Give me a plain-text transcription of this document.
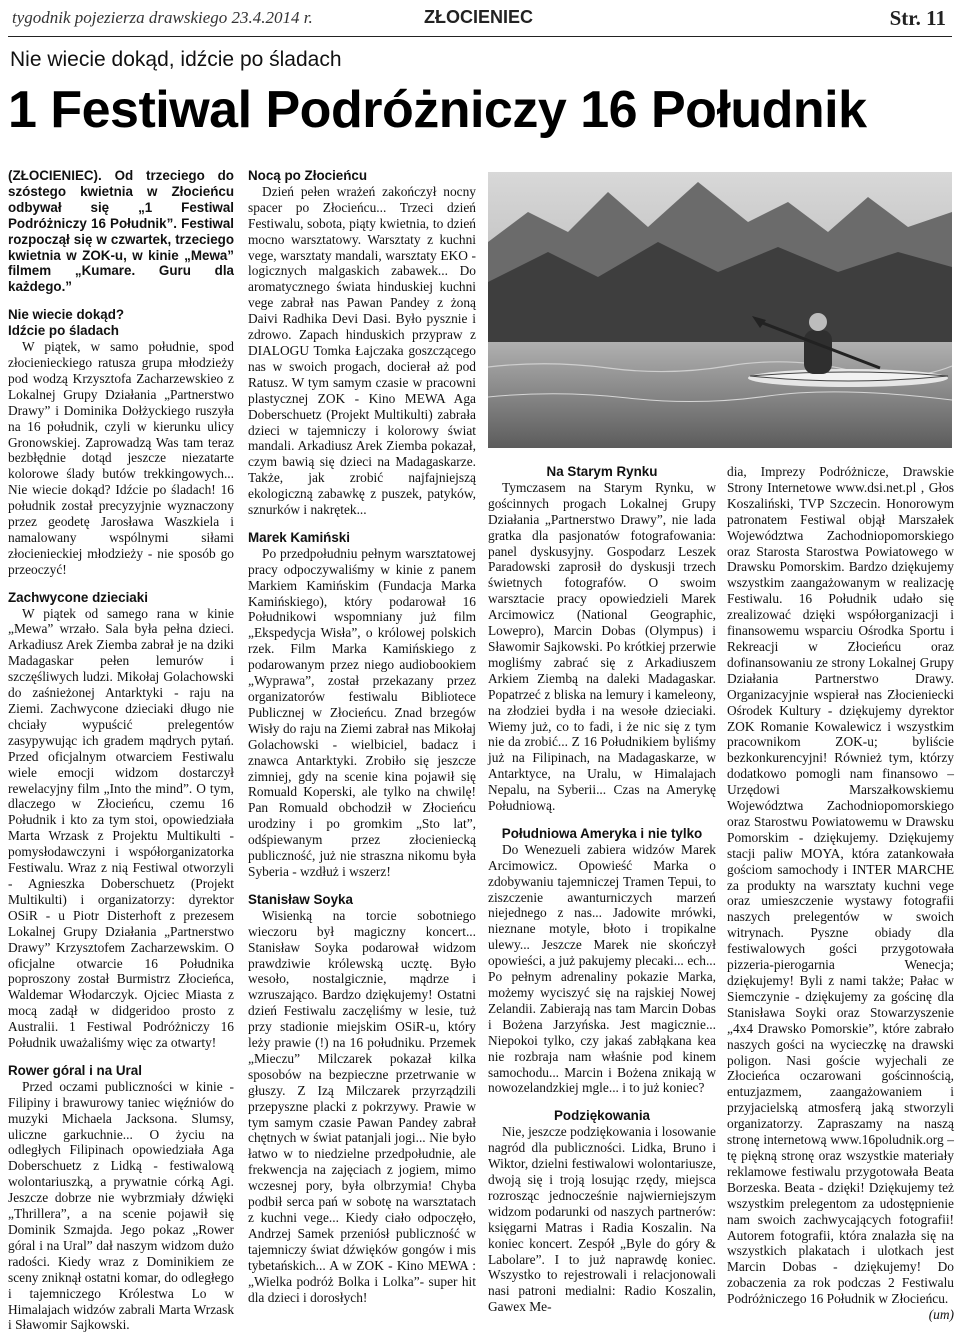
tygodnik pojezierza drawskiego 23.4.2014 r.	ZŁOCIENIEC	Str. 11
Nie wiecie dokąd, idźcie po śladach
1 Festiwal Podróżniczy 16 Południk

(ZŁOCIENIEC). Od trzeciego do szóstego kwietnia w Złocieńcu odbywał się „1 Festiwal Podróżniczy 16 Południk”. Festiwal rozpoczął się w czwartek, trzeciego kwietnia w ZOK-u, w kinie „Mewa” filmem „Kumare. Guru dla każdego.”

Nie wiecie dokąd?
Idźcie po śladach

W piątek, w samo południe, spod złocienieckiego ratusza grupa młodzieży pod wodzą Krzysztofa Zacharzewskieo z Lokalnej Grupy Działania „Partnerstwo Drawy” i Dominika Dołżyckiego ruszyła na 16 południk, czyli w kierunku ulicy Gronowskiej. Zaprowadzą Was tam teraz bezbłędnie dotąd jeszcze niezatarte kolorowe ślady butów trekkingowych... Nie wiecie dokąd? Idźcie po śladach! 16 południk został precyzyjnie wyznaczony przez geodetę Jarosława Waszkiela i namalowany wspólnymi siłami złocienieckiej młodzieży - nie sposób go przeoczyć!

Zachwycone dzieciaki

W piątek od samego rana w kinie „Mewa” wrzało. Sala była pełna dzieci. Arkadiusz Arek Ziemba zabrał je na dziki Madagaskar pełen lemurów i szczęśliwych ludzi. Mikołaj Golachowski do zaśnieżonej Antarktyki - raju na Ziemi. Zachwycone dzieciaki długo nie chciały wypuścić prelegentów zasypywując ich gradem mądrych pytań. Przed oficjalnym otwarciem Festiwalu wiele emocji widzom dostarczył rewelacyjny film „Into the mind”. O tym, dlaczego w Złocieńcu, czemu 16 Południk i kto za tym stoi, opowiedziała Marta Wrzask z Projektu Multikulti - pomysłodawczyni i współorganizatorka Festiwalu. Wraz z nią Festiwal otworzyli - Agnieszka Doberschuetz (Projekt Multikulti) i organizatorzy: dyrektor OSiR - u Piotr Disterhoft z prezesem Lokalnej Grupy Działania „Partnerstwo Drawy” Krzysztofem Zacharzewskim. O oficjalne otwarcie 16 Południka poproszony został Burmistrz Złocieńca, Waldemar Włodarczyk. Ojciec Miasta z mocą zadął w didgeridoo prosto z Australii. 1 Festiwal Podróżniczy 16 Południk uważaliśmy więc za otwarty!

Rower góral i na Ural

Przed oczami publiczności w kinie - Filipiny i brawurowy taniec więźniów do muzyki Michaela Jacksona. Slumsy, uliczne garkuchnie... O życiu na odległych Filipinach opowiedziała Aga Doberschuetz z Lidką - festiwalową wolontariuszką, a prywatnie córką Agi. Jeszcze dobrze nie wybrzmiały dźwięki „Thrillera”, a na scenie pojawił się Dominik Szmajda. Jego pokaz „Rower góral i na Ural” dał naszym widzom dużo radości. Kiedy wraz z Dominikiem ze sceny zniknął ostatni komar, do odległego i tajemniczego Królestwa Lo w Himalajach widzów zabrali Marta Wrzask i Sławomir Sajkowski.

Nocą po Złocieńcu

Dzień pełen wrażeń zakończył nocny spacer po Złocieńcu... Trzeci dzień Festiwalu, sobota, piąty kwietnia, to dzień mocno warsztatowy. Warsztaty z kuchni vege, warsztaty mandali, warsztaty EKO - logicznych malgaskich zabawek... Do aromatycznego świata hinduskiej kuchni vege zabrał nas Pawan Pandey z żoną Daivi Radhika Devi Dasi. Było pysznie i zdrowo. Zapach hinduskich przypraw z DIALOGU Tomka Łajczaka goszczącego nas w swoich progach, docierał aż pod Ratusz. W tym samym czasie w pracowni plastycznej ZOK - Kino MEWA Aga Doberschuetz (Projekt Multikulti) zabrała dzieci w tajemniczy i kolorowy świat mandali. Arkadiusz Arek Ziemba pokazał, czym bawią się dzieci na Madagaskarze. Także, jak zrobić najfajniejszą ekologiczną zabawkę z puszek, patyków, sznurków i nakrętek...

Marek Kamiński

Po przedpołudniu pełnym warsztatowej pracy odpoczywaliśmy w kinie z panem Markiem Kamińskim (Fundacja Marka Kamińskiego), który podarował 16 Południkowi wspomniany już film „Ekspedycja Wisła”, o królowej polskich rzek. Film Marka Kamińskiego z podarowanym przez niego audiobookiem „Wyprawa”, został przekazany przez organizatorów festiwalu Bibliotece Publicznej w Złocieńcu. Znad brzegów Wisły do raju na Ziemi zabrał nas Mikołaj Golachowski - wielbiciel, badacz i znawca Antarktyki. Zrobiło się jeszcze zimniej, gdy na scenie kina pojawił się Romuald Koperski, ale tylko na chwilę! Pan Romuald obchodził w Złocieńcu urodziny i po gromkim „Sto lat”, odśpiewanym przez złocieniecką publiczność, już nie straszna nikomu była Syberia - wzdłuż i wszerz!

Stanisław Soyka

Wisienką na torcie sobotniego wieczoru był magiczny koncert... Stanisław Soyka podarował widzom prawdziwie królewską ucztę. Było wesoło, nostalgicznie, mądrze i wzruszająco. Bardzo dziękujemy! Ostatni dzień Festiwalu zaczęliśmy w lesie, tuż przy stadionie miejskim OSiR-u, który leży prawie (!) na 16 południku. Przemek „Mieczu” Milczarek pokazał kilka sposobów na bezpieczne przetrwanie w głuszy. Z Izą Milczarek przyrządzili przepyszne placki z pokrzywy. Prawie w tym samym czasie Pawan Pandey zabrał chętnych w świat patanjali jogi... Nie było łatwo w to niedzielne przedpołudnie, ale frekwencja na zajęciach z jogiem, mimo wczesnej pory, była olbrzymia! Chyba podbił serca pań w sobotę na warsztatach z kuchni vege... Kiedy ciało odpoczęło, Andrzej Samek przeniósł publiczność w tajemniczy świat dźwięków gongów i mis tybetańskich... A w ZOK - Kino MEWA : „Wielka podróż Bolka i Lolka”- super hit dla dzieci i dorosłych!

Na Starym Rynku

Tymczasem na Starym Rynku, w gościnnych progach Lokalnej Grupy Działania „Partnerstwo Drawy”, nie lada gratka dla pasjonatów fotografowania: panel dyskusyjny. Gospodarz Leszek Paradowski zaprosił do dyskusji trzech świetnych fotografów. O swoim warsztacie pracy opowiedzieli Marek Arcimowicz (National Geographic, Lowepro), Marcin Dobas (Olympus) i Sławomir Sajkowski. Po krótkiej przerwie mogliśmy zabrać się z Arkadiuszem Arkiem Ziembą na daleki Madagaskar. Popatrzeć z bliska na lemury i kameleony, na złodziei bydła i na wesołe dzieciaki. Wiemy już, co to fadi, i że nic się z tym nie da zrobić... Z 16 Południkiem byliśmy już na Filipinach, na Madagaskarze, w Antarktyce, na Uralu, w Himalajach Nepalu, na Syberii... Czas na Amerykę Południową.

Południowa Ameryka i nie tylko

Do Wenezueli zabiera widzów Marek Arcimowicz. Opowieść Marka o zdobywaniu tajemniczej Tramen Tepui, to ziszczenie awanturniczych marzeń niejednego z nas... Jadowite mrówki, nieznane motyle, błoto i tropikalne ulewy... Jeszcze Marek nie skończył opowieści, a już pakujemy plecaki... ech... Po pełnym adrenaliny pokazie Marka, możemy wyciszyć się na rajskiej Nowej Zelandii. Zabierają nas tam Marcin Dobas i Bożena Jarzyńska. Jest magicznie... Niepokoi tylko, czy jakaś zabłąkana kea nie rozbraja nam właśnie pod kinem samochodu... Marcin i Bożena znikają w nowozelandzkiej mgle... i to już koniec?

Podziękowania

Nie, jeszcze podziękowania i losowanie nagród dla publiczności. Lidka, Bruno i Wiktor, dzielni festiwalowi wolontariusze, dwoją się i troją losując rzędy, miejsca rozrosząc jednocześnie najwierniejszym widzom podarunki od naszych partnerów: księgarni Matras i Radia Koszalin. Na koniec koncert. Zespół „Byle do góry & Labolare”. I to już naprawdę koniec. Wszystko to rejestrowali i relacjonowali nasi patroni medialni: Radio Koszalin, Gawex Me-

dia, Imprezy Podróżnicze, Drawskie Strony Internetowe www.dsi.net.pl , Głos Koszaliński, TVP Szczecin. Honorowym patronatem Festiwal objął Marszałek Województwa Zachodniopomorskiego oraz Starosta Starostwa Powiatowego w Drawsku Pomorskim. Bardzo dziękujemy wszystkim zaangażowanym w realizację Festiwalu. 16 Południk udało się zrealizować dzięki współorganizacji i finansowemu wsparciu Ośrodka Sportu i Rekreacji w Złocieńcu oraz dofinansowaniu ze strony Lokalnej Grupy Działania Partnerstwo Drawy. Organizacyjnie wspierał nas Złocieniecki Ośrodek Kultury - dziękujemy dyrektor ZOK Romanie Kowalewicz i wszystkim pracownikom ZOK-u; byliście bezkonkurencyjni! Również tym, którzy dodatkowo pomogli nam finansowo – Urzędowi Marszałkowskiemu Województwa Zachodniopomorskiego oraz Starostwu Powiatowemu w Drawsku Pomorskim - dziękujemy. Dziękujemy stacji paliw MOYA, która zatankowała gościom samochody i INTER MARCHE za produkty na warsztaty kuchni vege oraz umieszczenie wystawy fotografii naszych prelegentów w swoich witrynach. Pyszne obiady dla festiwalowych gości przygotowała pizzeria-pierogarnia Wenecja; dziękujemy! Byli z nami także; Pałac w Siemczynie - dziękujemy za gościnę dla Stanisława Soyki oraz Stowarzyszenie „4x4 Drawsko Pomorskie”, które zabrało naszych gości na wycieczkę na drawski poligon. Nasi goście wyjechali ze Złocieńca oczarowani gościnnością, entuzjazmem, zaangażowaniem i przyjacielską atmosferą jaką stworzyli organizatorzy. Zapraszamy na naszą stronę internetową www.16poludnik.org – tę piękną stronę oraz wszystkie materiały reklamowe festiwalu przygotowała Beata Borzeska. Beata - dzięki! Dziękujemy też wszystkim prelegentom za udostępnienie nam swoich zachwycających fotografii! Autorem fotografii, która znalazła się na wszystkich plakatach i ulotkach jest Marcin Dobas - dziękujemy! Do zobaczenia za rok podczas 2 Festiwalu Podróżniczego 16 Południk w Złocieńcu.

(um)
